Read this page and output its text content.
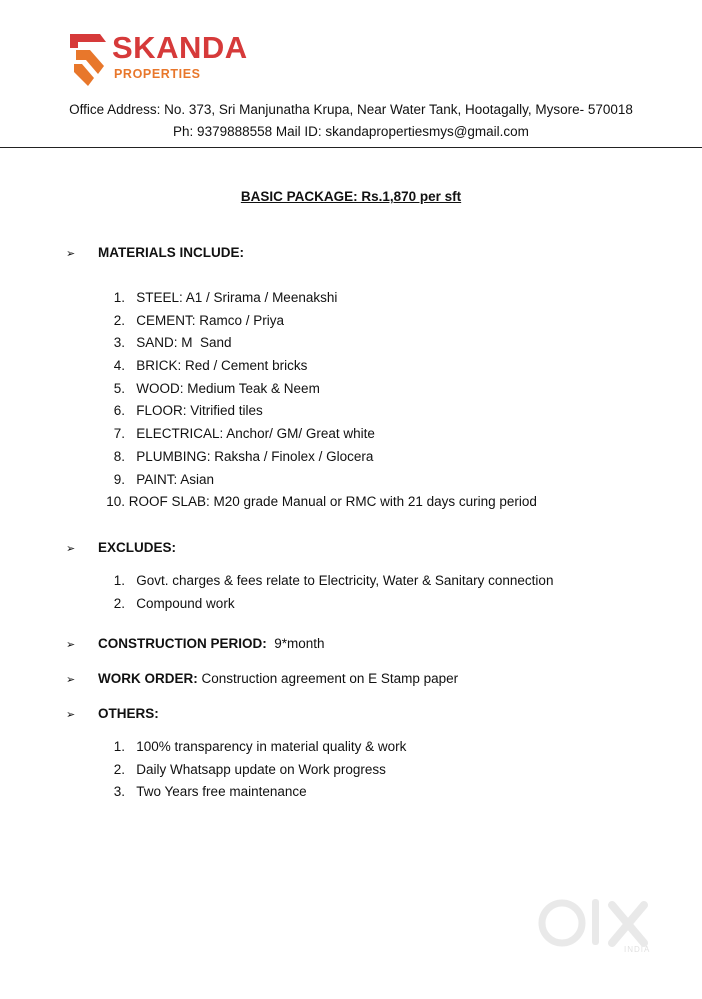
SKANDA
PROPERTIES
Office Address: No. 373, Sri Manjunatha Krupa, Near Water Tank, Hootagally, Mysore- 570018
Ph: 9379888558 Mail ID: skandapropertiesmys@gmail.com
BASIC PACKAGE: Rs.1,870 per sft
➢ MATERIALS INCLUDE:
1. STEEL: A1 / Srirama / Meenakshi
2. CEMENT: Ramco / Priya
3. SAND: M  Sand
4. BRICK: Red / Cement bricks
5. WOOD: Medium Teak & Neem
6. FLOOR: Vitrified tiles
7. ELECTRICAL: Anchor/ GM/ Great white
8. PLUMBING: Raksha / Finolex / Glocera
9. PAINT: Asian
10. ROOF SLAB: M20 grade Manual or RMC with 21 days curing period
➢ EXCLUDES:
1. Govt. charges & fees relate to Electricity, Water & Sanitary connection
2. Compound work
➢ CONSTRUCTION PERIOD: 9*month
➢ WORK ORDER: Construction agreement on E Stamp paper
➢ OTHERS:
1. 100% transparency in material quality & work
2. Daily Whatsapp update on Work progress
3. Two Years free maintenance
INDIA
